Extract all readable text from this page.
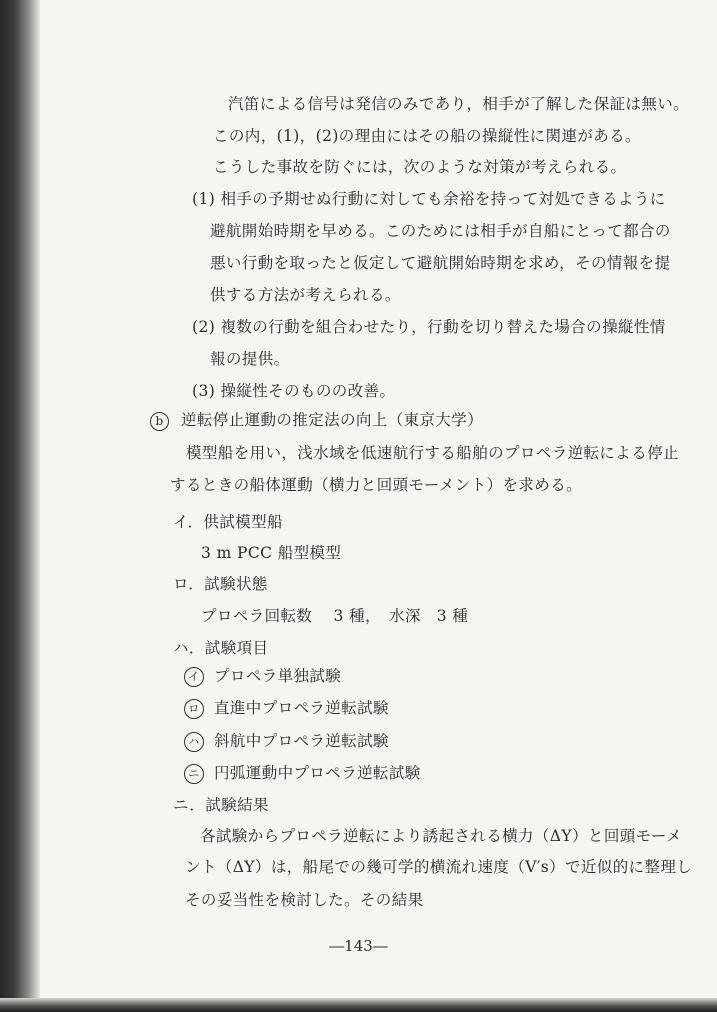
汽笛による信号は発信のみであり，相手が了解した保証は無い。
この内，(1)，(2)の理由にはその船の操縦性に関連がある。
こうした事故を防ぐには，次のような対策が考えられる。
(1) 相手の予期せぬ行動に対しても余裕を持って対処できるように
避航開始時期を早める。このためには相手が自船にとって都合の
悪い行動を取ったと仮定して避航開始時期を求め，その情報を提
供する方法が考えられる。
(2) 複数の行動を組合わせたり，行動を切り替えた場合の操縦性情
報の提供。
(3) 操縦性そのものの改善。
b 逆転停止運動の推定法の向上（東京大学）
模型船を用い，浅水域を低速航行する船舶のプロペラ逆転による停止
するときの船体運動（横力と回頭モーメント）を求める。
イ．供試模型船
3 m PCC 船型模型
ロ．試験状態
プロペラ回転数　 3 種，　水深　3 種
ハ．試験項目
イ プロペラ単独試験
ロ 直進中プロペラ逆転試験
ハ 斜航中プロペラ逆転試験
ニ 円弧運動中プロペラ逆転試験
ニ．試験結果
各試験からプロペラ逆転により誘起される横力（ΔY）と回頭モーメ
ント（ΔY）は，船尾での幾可学的横流れ速度（V′s）で近似的に整理し
その妥当性を検討した。その結果
―143―
